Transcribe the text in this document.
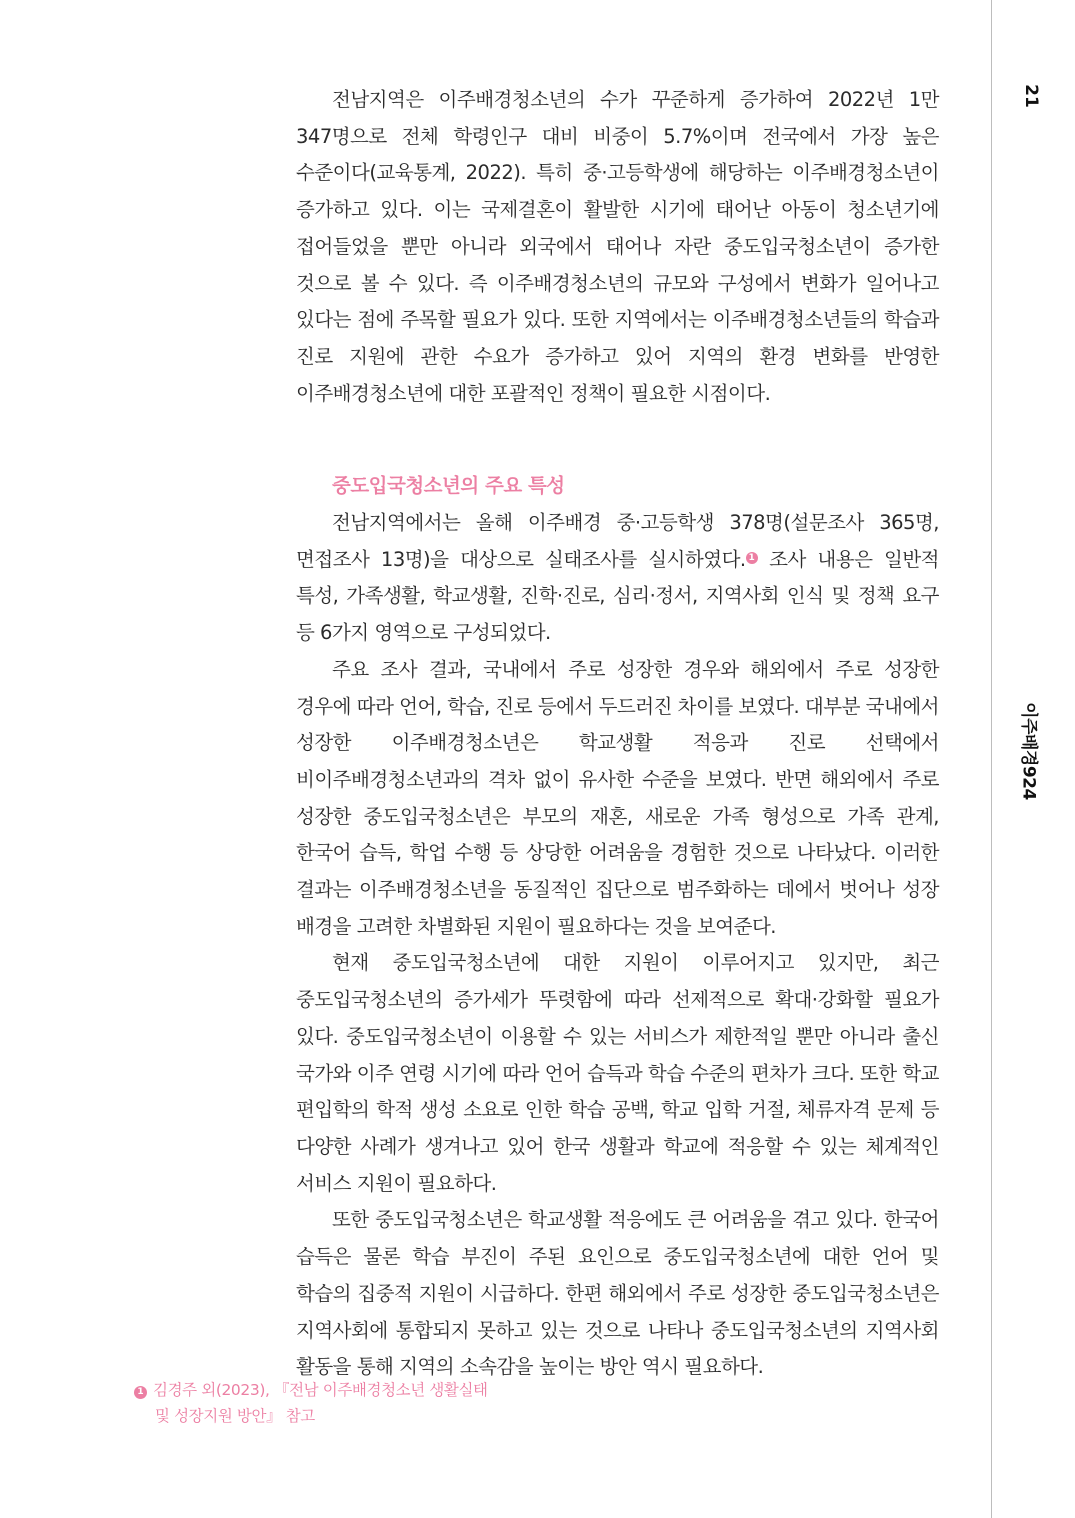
21
이주배경924

전남지역은 이주배경청소년의 수가 꾸준하게 증가하여 2022년 1만 347명으로 전체 학령인구 대비 비중이 5.7%이며 전국에서 가장 높은 수준이다(교육통계, 2022). 특히 중·고등학생에 해당하는 이주배경청소년이 증가하고 있다. 이는 국제결혼이 활발한 시기에 태어난 아동이 청소년기에 접어들었을 뿐만 아니라 외국에서 태어나 자란 중도입국청소년이 증가한 것으로 볼 수 있다. 즉 이주배경청소년의 규모와 구성에서 변화가 일어나고 있다는 점에 주목할 필요가 있다. 또한 지역에서는 이주배경청소년들의 학습과 진로 지원에 관한 수요가 증가하고 있어 지역의 환경 변화를 반영한 이주배경청소년에 대한 포괄적인 정책이 필요한 시점이다.

중도입국청소년의 주요 특성

전남지역에서는 올해 이주배경 중·고등학생 378명(설문조사 365명, 면접조사 13명)을 대상으로 실태조사를 실시하였다. 1 조사 내용은 일반적 특성, 가족생활, 학교생활, 진학·진로, 심리·정서, 지역사회 인식 및 정책 요구 등 6가지 영역으로 구성되었다.

주요 조사 결과, 국내에서 주로 성장한 경우와 해외에서 주로 성장한 경우에 따라 언어, 학습, 진로 등에서 두드러진 차이를 보였다. 대부분 국내에서 성장한 이주배경청소년은 학교생활 적응과 진로 선택에서 비이주배경청소년과의 격차 없이 유사한 수준을 보였다. 반면 해외에서 주로 성장한 중도입국청소년은 부모의 재혼, 새로운 가족 형성으로 가족 관계, 한국어 습득, 학업 수행 등 상당한 어려움을 경험한 것으로 나타났다. 이러한 결과는 이주배경청소년을 동질적인 집단으로 범주화하는 데에서 벗어나 성장 배경을 고려한 차별화된 지원이 필요하다는 것을 보여준다.

현재 중도입국청소년에 대한 지원이 이루어지고 있지만, 최근 중도입국청소년의 증가세가 뚜렷함에 따라 선제적으로 확대·강화할 필요가 있다. 중도입국청소년이 이용할 수 있는 서비스가 제한적일 뿐만 아니라 출신 국가와 이주 연령 시기에 따라 언어 습득과 학습 수준의 편차가 크다. 또한 학교 편입학의 학적 생성 소요로 인한 학습 공백, 학교 입학 거절, 체류자격 문제 등 다양한 사례가 생겨나고 있어 한국 생활과 학교에 적응할 수 있는 체계적인 서비스 지원이 필요하다.

또한 중도입국청소년은 학교생활 적응에도 큰 어려움을 겪고 있다. 한국어 습득은 물론 학습 부진이 주된 요인으로 중도입국청소년에 대한 언어 및 학습의 집중적 지원이 시급하다. 한편 해외에서 주로 성장한 중도입국청소년은 지역사회에 통합되지 못하고 있는 것으로 나타나 중도입국청소년의 지역사회 활동을 통해 지역의 소속감을 높이는 방안 역시 필요하다.

1 김경주 외(2023), 『전남 이주배경청소년 생활실태
및 성장지원 방안』 참고
